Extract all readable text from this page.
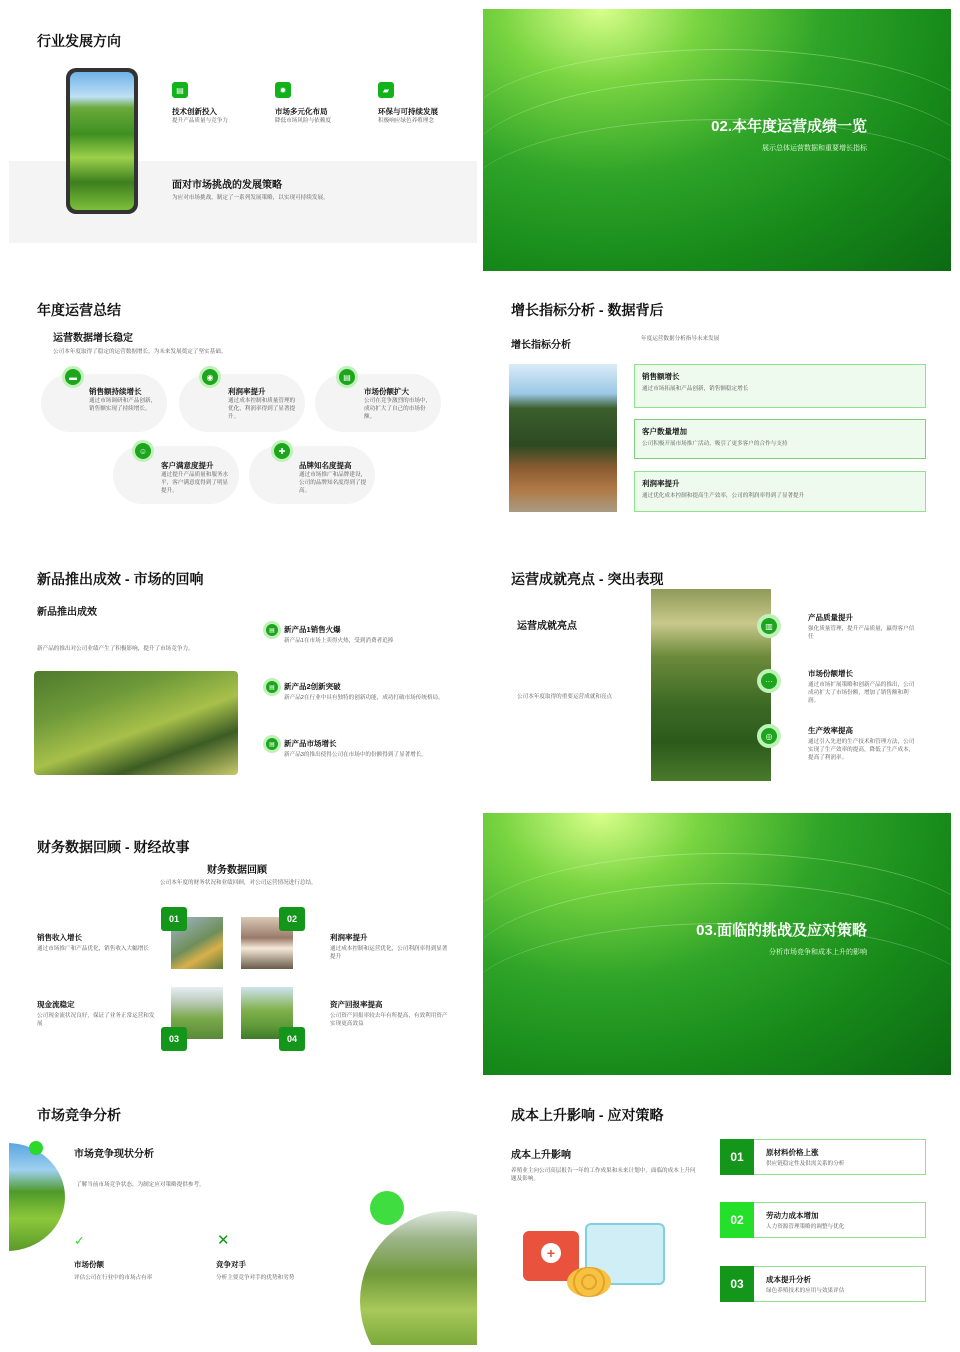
行业发展方向
▤
技术创新投入
提升产品质量与竞争力
✹
市场多元化布局
降低市场风险与依赖度
▰
环保与可持续发展
积极响应绿色养殖理念
面对市场挑战的发展策略
为应对市场挑战，制定了一系列发展策略，以实现可持续发展。
02.本年度运营成绩一览
展示总体运营数据和重要增长指标
年度运营总结
运营数据增长稳定
公司本年度取得了稳定的运营数据增长，为未来发展奠定了坚实基础。
▬	◉	▤
☺	✚
销售额持续增长
通过市场调研和产品创新，销售额实现了持续增长。
利润率提升
通过成本控制和质量管理的优化，利润率得到了显著提升。
市场份额扩大
公司在竞争激烈的市场中，成功扩大了自己的市场份额。
客户满意度提升
通过提升产品质量和服务水平，客户满意度得到了明显提升。
品牌知名度提高
通过市场推广和品牌建设，公司的品牌知名度得到了提高。
增长指标分析 - 数据背后
增长指标分析
年度运营数据分析指导未来发展
销售额增长
通过市场拓展和产品创新，销售额稳定增长
客户数量增加
公司积极开展市场推广活动，吸引了更多客户的合作与支持
利润率提升
通过优化成本控制和提高生产效率，公司的利润率得到了显著提升
新品推出成效 - 市场的回响
新品推出成效
新产品的推出对公司业绩产生了积极影响，提升了市场竞争力。
▤	新产品1销售火爆
新产品1在市场上卖得火热，受到消费者追捧
▤	新产品2创新突破
新产品2在行业中具有独特的创新功能，成功打破市场传统格局。
▤	新产品市场增长
新产品3的推出使得公司在市场中的份额得到了显著增长。
运营成就亮点 - 突出表现
运营成就亮点
公司本年度取得的重要运营成就和亮点
▥
产品质量提升
强化质量管理，提升产品质量，赢得客户信任
···
市场份额增长
通过市场扩展策略和创新产品的推出，公司成功扩大了市场份额，增加了销售额和利润。
◎
生产效率提高
通过引入先进的生产技术和管理方法，公司实现了生产效率的提高，降低了生产成本，提高了利润率。
财务数据回顾 - 财经故事
财务数据回顾
公司本年度的财务状况和业绩回顾，对公司运营情况进行总结。
01	02
03	04
销售收入增长
通过市场推广和产品优化，销售收入大幅增长
利润率提升
通过成本控制和运营优化，公司利润率得到显著提升
现金流稳定
公司现金流状况良好，保证了业务正常运营和发展
资产回报率提高
公司资产回报率较去年有所提高，有效利用资产实现更高效益
03.面临的挑战及应对策略
分析市场竞争和成本上升的影响
市场竞争分析
市场竞争现状分析
了解当前市场竞争状态，为制定应对策略提供参考。
✓
市场份额
评估公司在行业中的市场占有率
✕
竞争对手
分析主要竞争对手的优势和劣势
成本上升影响 - 应对策略
成本上升影响
养殖业主向公司高层报告一年的工作成果和未来计划中，面临的成本上升问题及影响。
+
01	原材料价格上涨
供应链稳定性及供需关系的分析
02	劳动力成本增加
人力资源管理策略的调整与优化
03	成本提升分析
绿色养殖技术的应用与效果评估
